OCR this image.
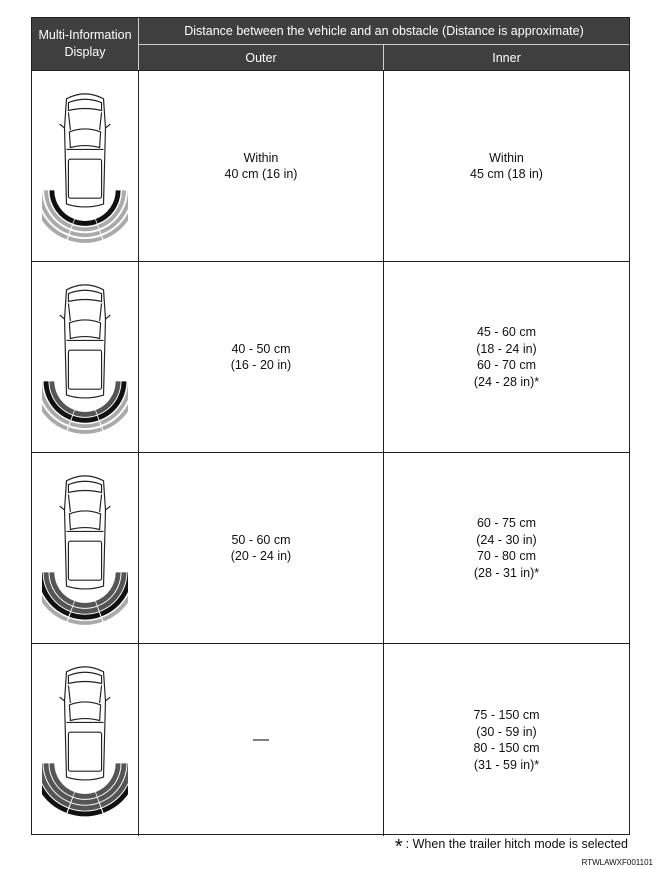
Multi-Information Display
Distance between the vehicle and an obstacle (Distance is approximate)
Outer	Inner
Within
40 cm (16 in)
Within
45 cm (18 in)
40 - 50 cm
(16 - 20 in)
45 - 60 cm
(18 - 24 in)
60 - 70 cm
(24 - 28 in)*
50 - 60 cm
(20 - 24 in)
60 - 75 cm
(24 - 30 in)
70 - 80 cm
(28 - 31 in)*
—
75 - 150 cm
(30 - 59 in)
80 - 150 cm
(31 - 59 in)*
* : When the trailer hitch mode is selected
RTWLAWXF001101
